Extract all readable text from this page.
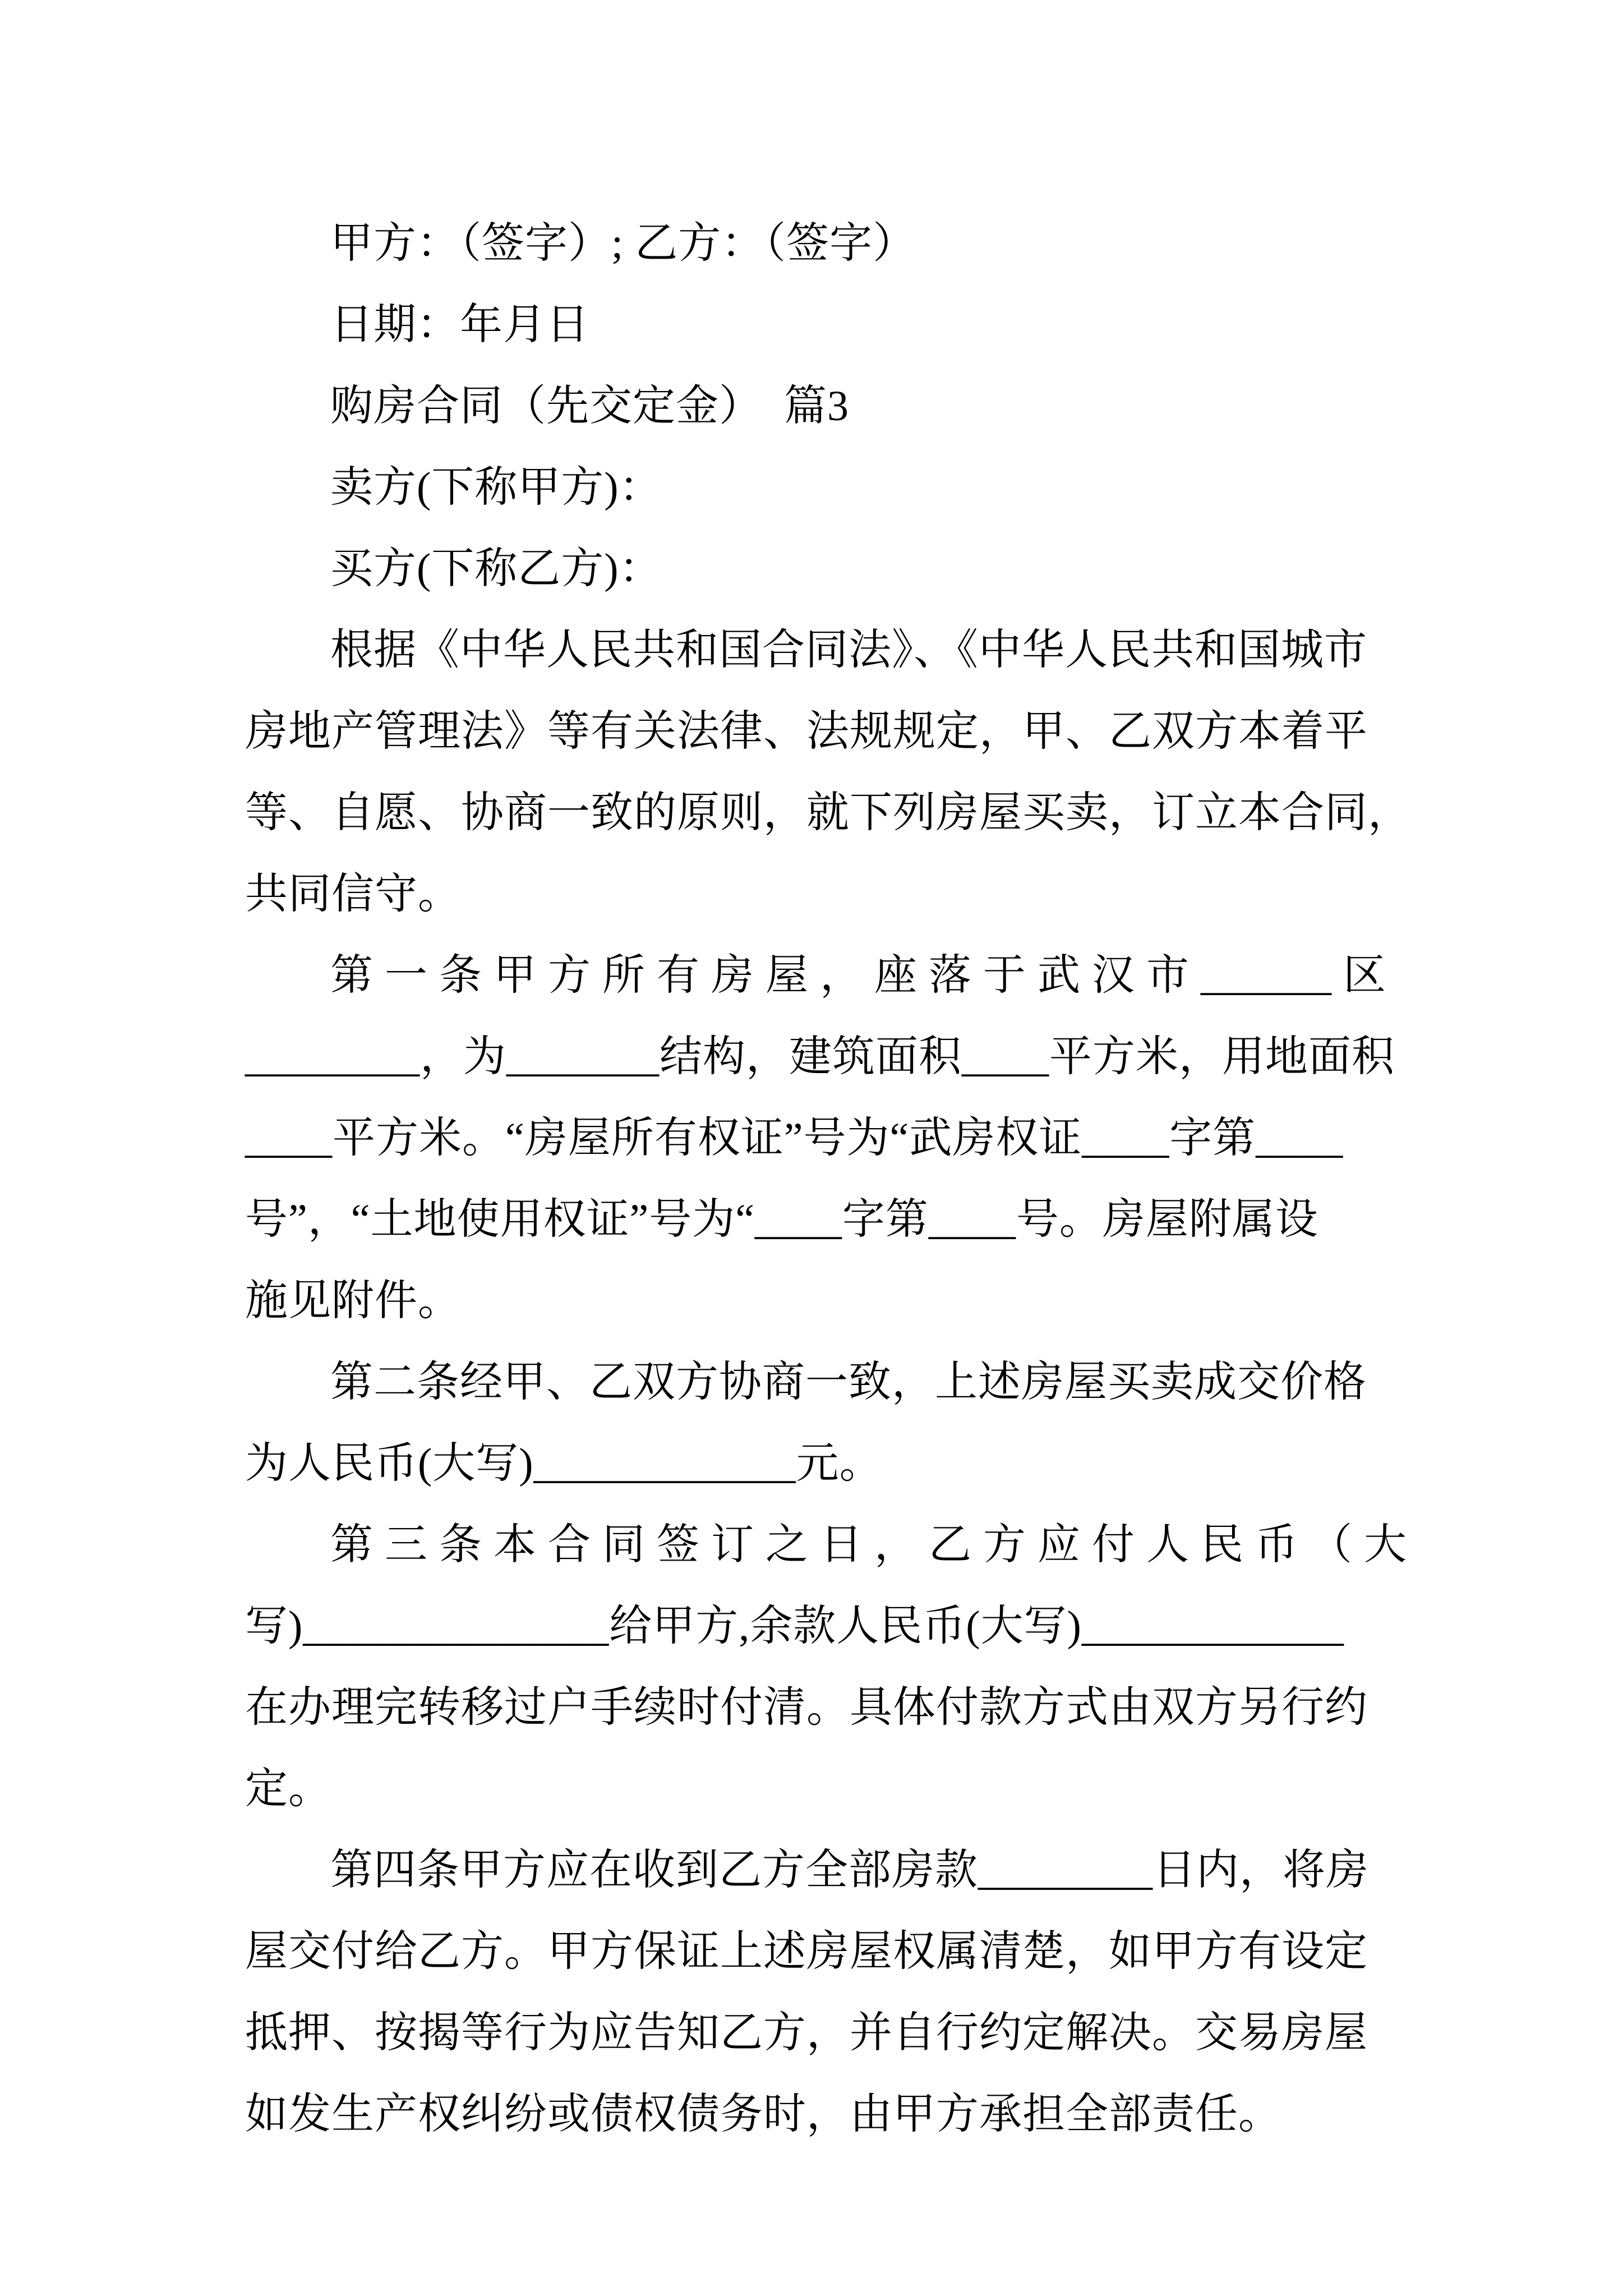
甲方：（签字）; 乙方：（签字）
日期：年月日
购房合同（先交定金）　篇3
卖方(下称甲方)：
买方(下称乙方)：
根据《中华人民共和国合同法》、《中华人民共和国城市
房地产管理法》等有关法律、法规规定，甲、乙双方本着平
等、自愿、协商一致的原则，就下列房屋买卖，订立本合同，
共同信守。
第 一 条 甲 方 所 有 房 屋 ， 座 落 于 武 汉 市 ______ 区
________，为_______结构，建筑面积____平方米，用地面积
____平方米。“房屋所有权证”号为“武房权证____字第____
号”，“土地使用权证”号为“____字第____号。房屋附属设
施见附件。
第二条经甲、乙双方协商一致，上述房屋买卖成交价格
为人民币(大写)____________元。
第 三 条 本 合 同 签 订 之 日 ， 乙 方 应 付 人 民 币 （ 大
写)______________给甲方,余款人民币(大写)____________
在办理完转移过户手续时付清。具体付款方式由双方另行约
定。
第四条甲方应在收到乙方全部房款________日内，将房
屋交付给乙方。甲方保证上述房屋权属清楚，如甲方有设定
抵押、按揭等行为应告知乙方，并自行约定解决。交易房屋
如发生产权纠纷或债权债务时，由甲方承担全部责任。
